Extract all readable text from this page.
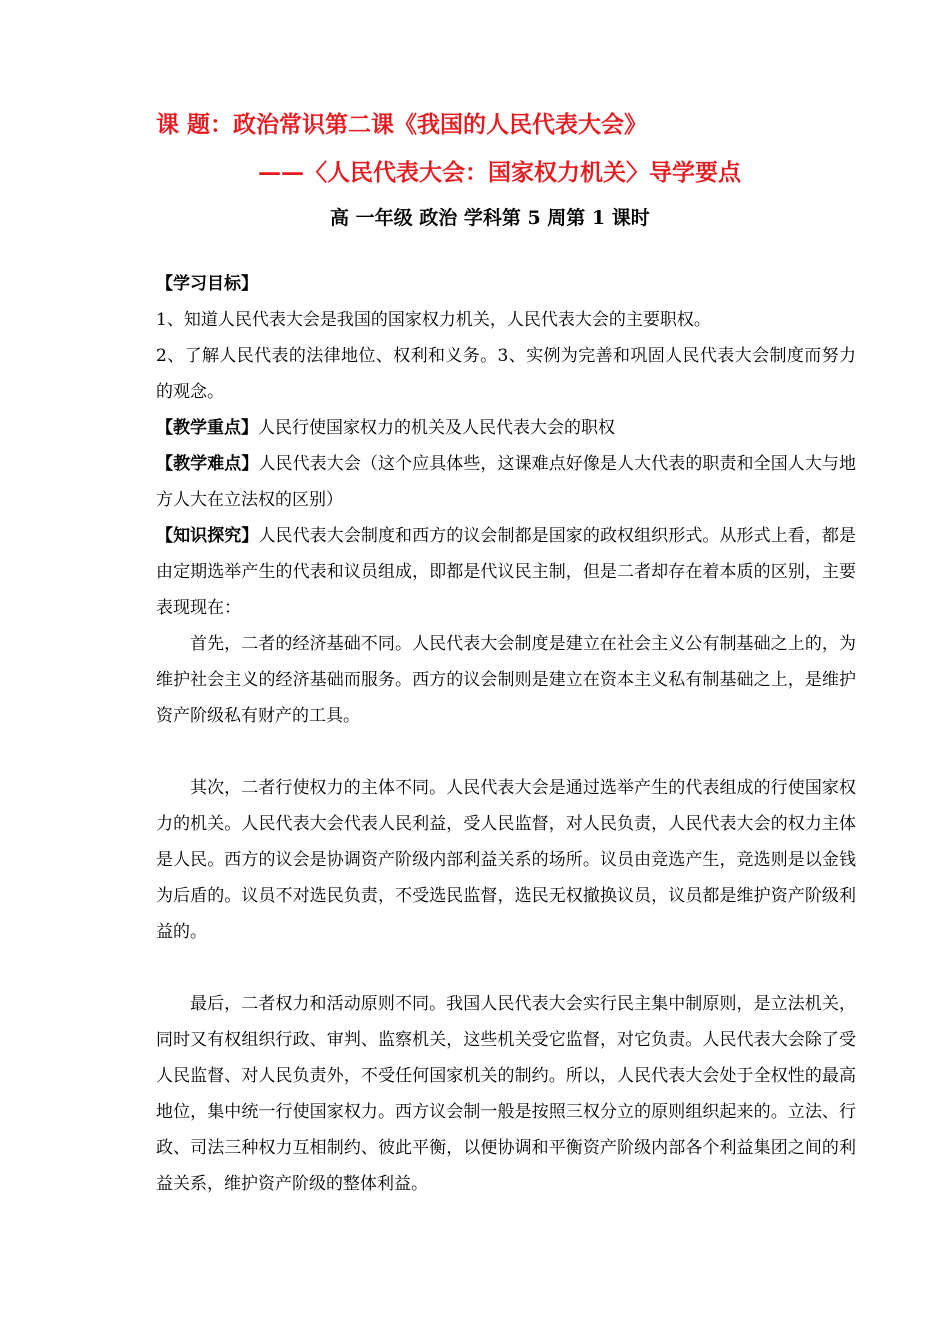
课 题：政治常识第二课《我国的人民代表大会》
——〈人民代表大会：国家权力机关〉导学要点
高 一年级 政治 学科第 5 周第 1 课时

【学习目标】

1、知道人民代表大会是我国的国家权力机关，人民代表大会的主要职权。

2、了解人民代表的法律地位、权利和义务。3、实例为完善和巩固人民代表大会制度而努力的观念。

【教学重点】人民行使国家权力的机关及人民代表大会的职权

【教学难点】人民代表大会（这个应具体些，这课难点好像是人大代表的职责和全国人大与地方人大在立法权的区别）

【知识探究】人民代表大会制度和西方的议会制都是国家的政权组织形式。从形式上看，都是由定期选举产生的代表和议员组成，即都是代议民主制，但是二者却存在着本质的区别，主要表现现在：

首先，二者的经济基础不同。人民代表大会制度是建立在社会主义公有制基础之上的，为维护社会主义的经济基础而服务。西方的议会制则是建立在资本主义私有制基础之上，是维护资产阶级私有财产的工具。

其次，二者行使权力的主体不同。人民代表大会是通过选举产生的代表组成的行使国家权力的机关。人民代表大会代表人民利益，受人民监督，对人民负责，人民代表大会的权力主体是人民。西方的议会是协调资产阶级内部利益关系的场所。议员由竞选产生，竞选则是以金钱为后盾的。议员不对选民负责，不受选民监督，选民无权撤换议员，议员都是维护资产阶级利益的。

最后，二者权力和活动原则不同。我国人民代表大会实行民主集中制原则，是立法机关，同时又有权组织行政、审判、监察机关，这些机关受它监督，对它负责。人民代表大会除了受人民监督、对人民负责外，不受任何国家机关的制约。所以，人民代表大会处于全权性的最高地位，集中统一行使国家权力。西方议会制一般是按照三权分立的原则组织起来的。立法、行政、司法三种权力互相制约、彼此平衡，以便协调和平衡资产阶级内部各个利益集团之间的利益关系，维护资产阶级的整体利益。
